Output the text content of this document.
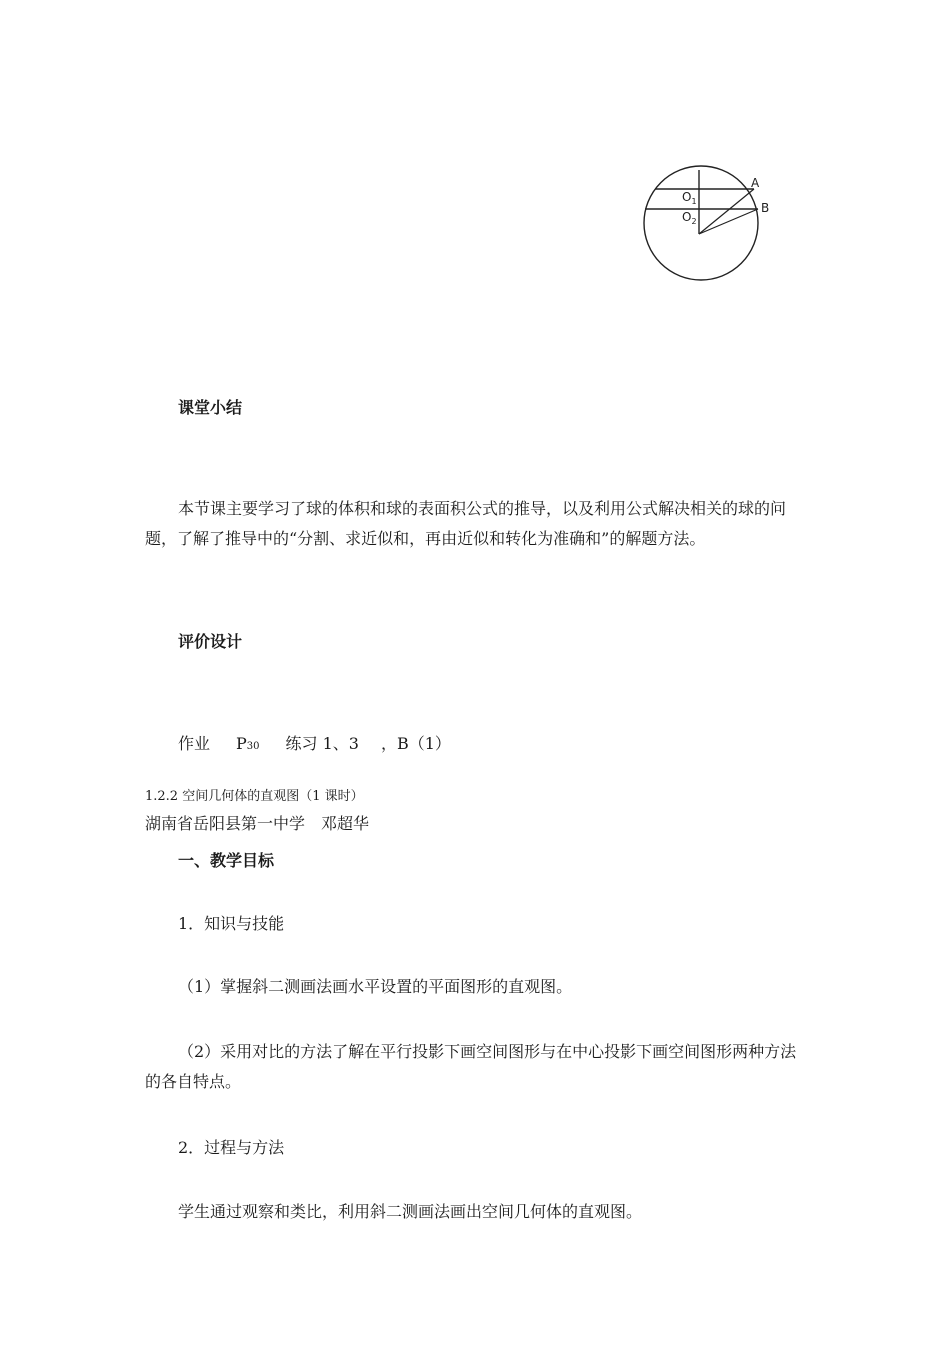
$O_1$
$O_2$
A
B
课堂小结
本节课主要学习了球的体积和球的表面积公式的推导，以及利用公式解决相关的球的问题，了解了推导中的“分割、求近似和，再由近似和转化为准确和”的解题方法。
评价设计
作业 P30 练习 1、3 ，B（1）
1.2.2 空间几何体的直观图（1 课时）
湖南省岳阳县第一中学　邓超华
一、教学目标
1．知识与技能
（1）掌握斜二测画法画水平设置的平面图形的直观图。
（2）采用对比的方法了解在平行投影下画空间图形与在中心投影下画空间图形两种方法的各自特点。
2．过程与方法
学生通过观察和类比，利用斜二测画法画出空间几何体的直观图。
